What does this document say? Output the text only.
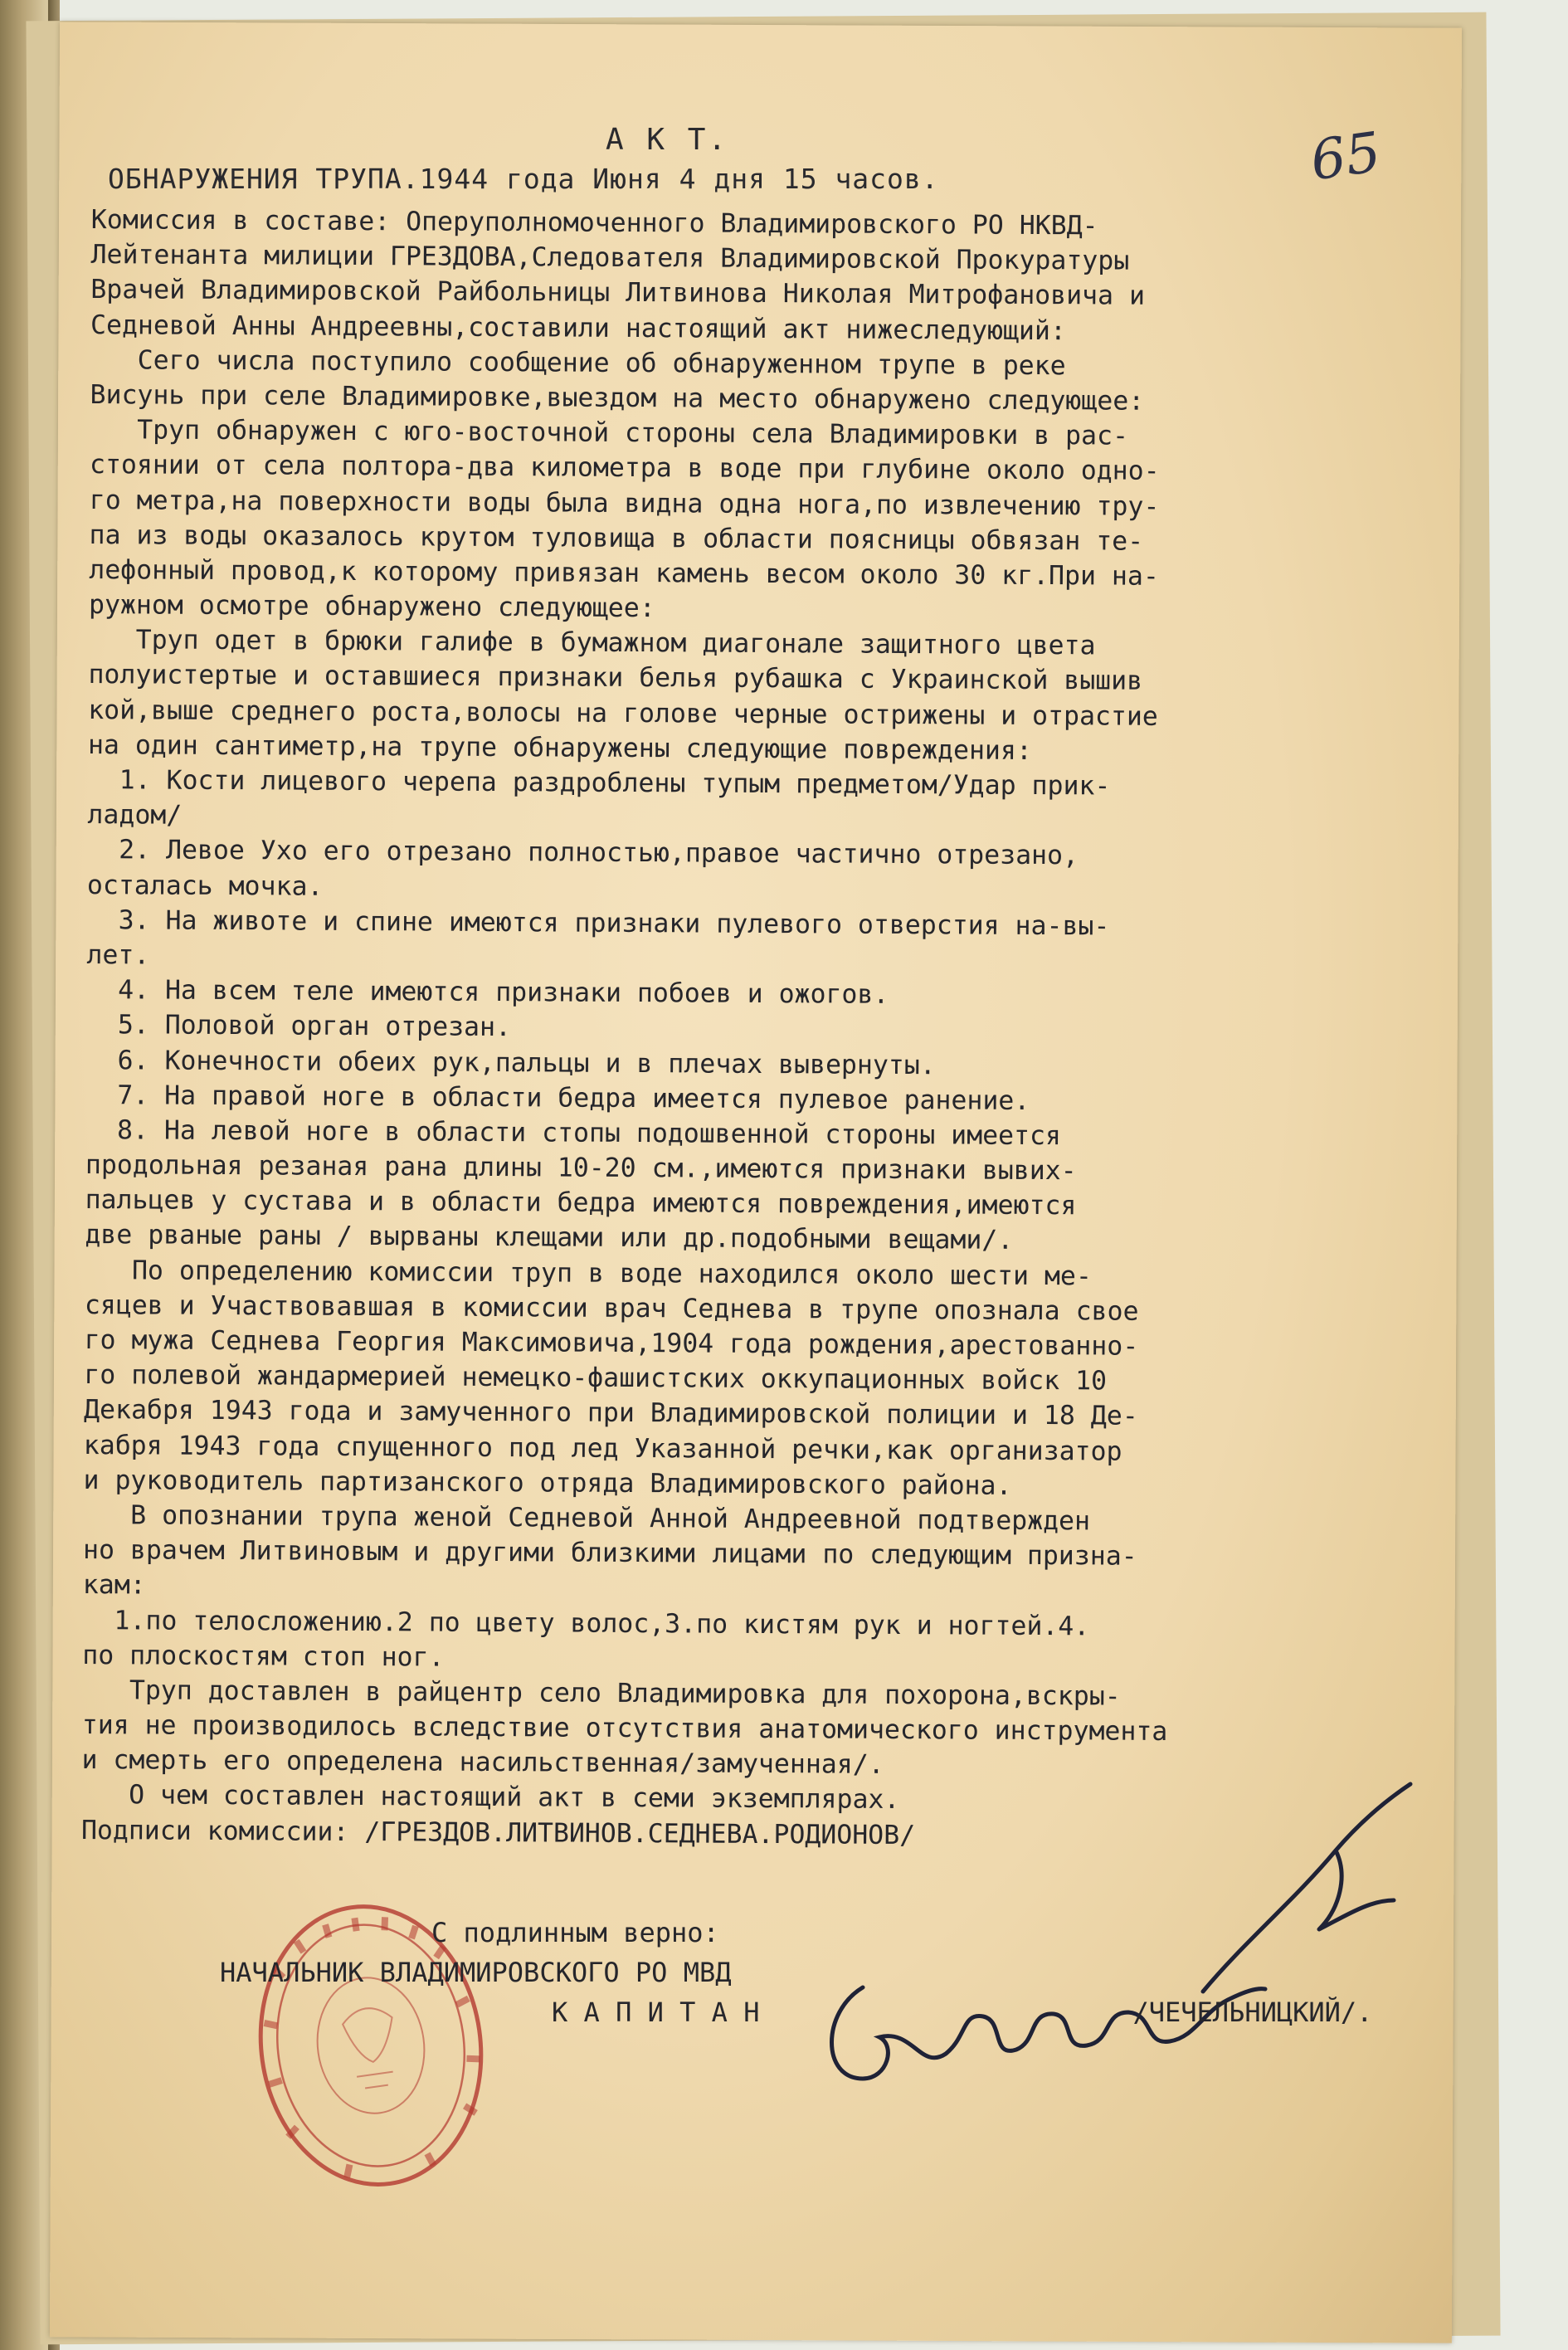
65
А К Т.
ОБНАРУЖЕНИЯ ТРУПА.1944 года Июня 4 дня 15 часов.
Комиссия в составе: Оперуполномоченного Владимировского РО НКВД-
Лейтенанта милиции ГРЕЗДОВА,Следователя Владимировской Прокуратуры
Врачей Владимировской Райбольницы Литвинова Николая Митрофановича и
Седневой Анны Андреевны,составили настоящий акт нижеследующий:
Сего числа поступило сообщение об обнаруженном трупе в реке
Висунь при селе Владимировке,выездом на место обнаружено следующее:
Труп обнаружен с юго-восточной стороны села Владимировки в рас-
стоянии от села полтора-два километра в воде при глубине около одно-
го метра,на поверхности воды была видна одна нога,по извлечению тру-
па из воды оказалось крутом туловища в области поясницы обвязан те-
лефонный провод,к которому привязан камень весом около 30 кг.При на-
ружном осмотре обнаружено следующее:
Труп одет в брюки галифе в бумажном диагонале защитного цвета
полуистертые и оставшиеся признаки белья рубашка с Украинской вышив
кой,выше среднего роста,волосы на голове черные острижены и отрастие
на один сантиметр,на трупе обнаружены следующие повреждения:
1. Кости лицевого черепа раздроблены тупым предметом/Удар прик-
ладом/
2. Левое Ухо его отрезано полностью,правое частично отрезано,
осталась мочка.
3. На животе и спине имеются признаки пулевого отверстия на-вы-
лет.
4. На всем теле имеются признаки побоев и ожогов.
5. Половой орган отрезан.
6. Конечности обеих рук,пальцы и в плечах вывернуты.
7. На правой ноге в области бедра имеется пулевое ранение.
8. На левой ноге в области стопы подошвенной стороны имеется
продольная резаная рана длины 10-20 см.,имеются признаки вывих-
пальцев у сустава и в области бедра имеются повреждения,имеются
две рваные раны / вырваны клещами или др.подобными вещами/.
По определению комиссии труп в воде находился около шести ме-
сяцев и Участвовавшая в комиссии врач Седнева в трупе опознала свое
го мужа Седнева Георгия Максимовича,1904 года рождения,арестованно-
го полевой жандармерией немецко-фашистских оккупационных войск 10
Декабря 1943 года и замученного при Владимировской полиции и 18 Де-
кабря 1943 года спущенного под лед Указанной речки,как организатор
и руководитель партизанского отряда Владимировского района.
В опознании трупа женой Седневой Анной Андреевной подтвержден
но врачем Литвиновым и другими близкими лицами по следующим призна-
кам:
1.по телосложению.2 по цвету волос,3.по кистям рук и ногтей.4.
по плоскостям стоп ног.
Труп доставлен в райцентр село Владимировка для похорона,вскры-
тия не производилось вследствие отсутствия анатомического инструмента
и смерть его определена насильственная/замученная/.
О чем составлен настоящий акт в семи экземплярах.
Подписи комиссии: /ГРЕЗДОВ.ЛИТВИНОВ.СЕДНЕВА.РОДИОНОВ/
С подлинным верно:
НАЧАЛЬНИК ВЛАДИМИРОВСКОГО РО МВД
К А П И Т А Н	/ЧЕЧЕЛЬНИЦКИЙ/.
